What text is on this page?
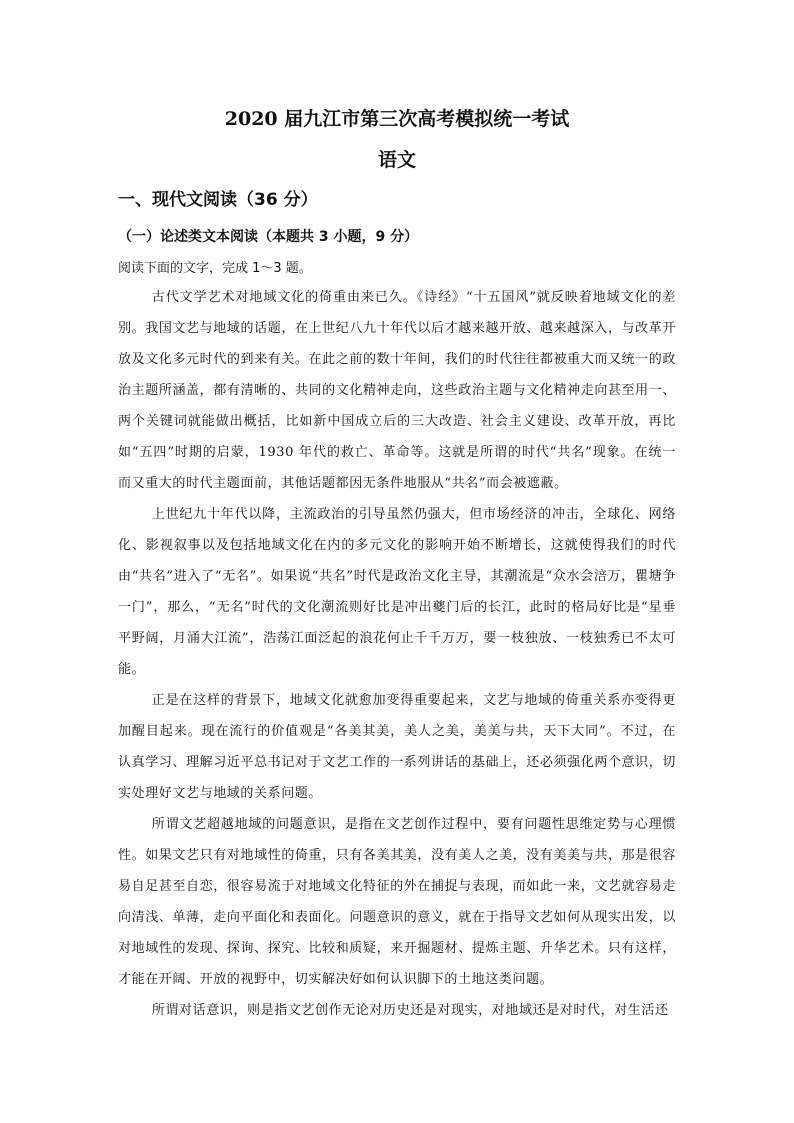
2020 届九江市第三次高考模拟统一考试
语文
一、现代文阅读（36 分）
（一）论述类文本阅读（本题共 3 小题，9 分）

阅读下面的文字，完成 1～3 题。

古代文学艺术对地域文化的倚重由来已久。《诗经》“十五国风”就反映着地域文化的差别。我国文艺与地域的话题，在上世纪八九十年代以后才越来越开放、越来越深入，与改革开放及文化多元时代的到来有关。在此之前的数十年间，我们的时代往往都被重大而又统一的政治主题所涵盖，都有清晰的、共同的文化精神走向，这些政治主题与文化精神走向甚至用一、两个关键词就能做出概括，比如新中国成立后的三大改造、社会主义建设、改革开放，再比如“五四”时期的启蒙，1930 年代的救亡、革命等。这就是所谓的时代“共名”现象。在统一而又重大的时代主题面前，其他话题都因无条件地服从“共名”而会被遮蔽。

上世纪九十年代以降，主流政治的引导虽然仍强大，但市场经济的冲击，全球化、网络化、影视叙事以及包括地域文化在内的多元文化的影响开始不断增长，这就使得我们的时代由“共名”进入了“无名”。如果说“共名”时代是政治文化主导，其潮流是“众水会涪万，瞿塘争一门”，那么，“无名”时代的文化潮流则好比是冲出夔门后的长江，此时的格局好比是“星垂平野阔，月涌大江流”，浩荡江面泛起的浪花何止千千万万，要一枝独放、一枝独秀已不太可能。

正是在这样的背景下，地域文化就愈加变得重要起来，文艺与地域的倚重关系亦变得更加醒目起来。现在流行的价值观是“各美其美，美人之美，美美与共，天下大同”。不过，在认真学习、理解习近平总书记对于文艺工作的一系列讲话的基础上，还必须强化两个意识，切实处理好文艺与地域的关系问题。

所谓文艺超越地域的问题意识，是指在文艺创作过程中，要有问题性思维定势与心理惯性。如果文艺只有对地域性的倚重，只有各美其美，没有美人之美，没有美美与共，那是很容易自足甚至自恋，很容易流于对地域文化特征的外在捕捉与表现，而如此一来，文艺就容易走向清浅、单薄，走向平面化和表面化。问题意识的意义，就在于指导文艺如何从现实出发，以对地域性的发现、探询、探究、比较和质疑，来开掘题材、提炼主题、升华艺术。只有这样，才能在开阔、开放的视野中，切实解决好如何认识脚下的土地这类问题。

所谓对话意识，则是指文艺创作无论对历史还是对现实，对地域还是对时代，对生活还
